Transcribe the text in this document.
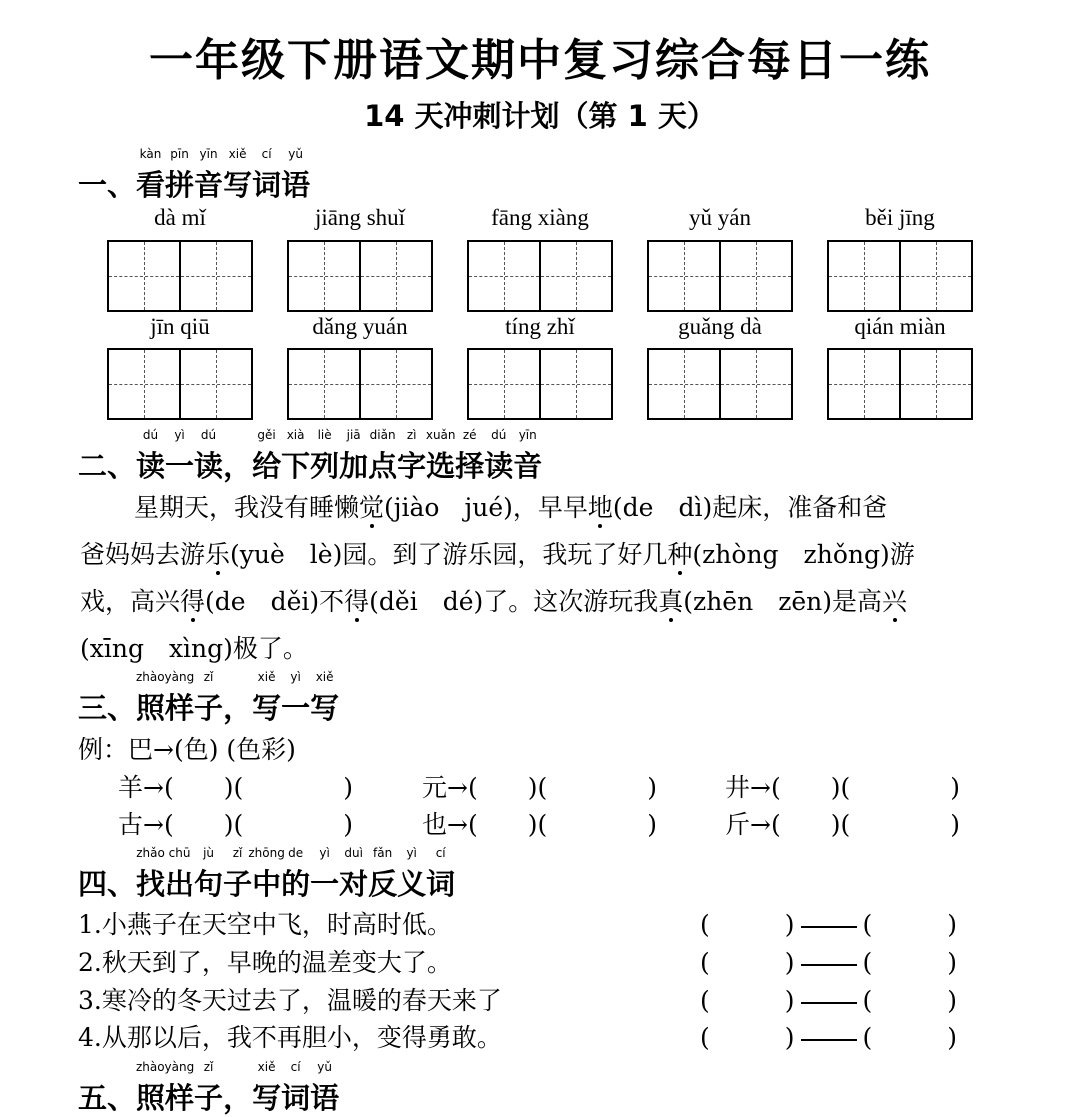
一年级下册语文期中复习综合每日一练
14 天冲刺计划（第 1 天）
一、看
kàn
拼
pīn
音
yīn
写
xiě
词
cí
语
yǔ
dà mǐ	jiāng shuǐ	fāng xiàng	yǔ yán	běi jīng
jīn qiū	dǎng yuán	tíng zhǐ	guǎng dà	qián miàn
二、读
dú
一
yì
读
dú
，给
gěi
下
xià
列
liè
加
jiā
点
diǎn
字
zì
选
xuǎn
择
zé
读
dú
音
yīn
星期天，我没有睡懒觉(jiào　jué)，早早地(de　dì)起床，准备和爸
爸妈妈去游乐(yuè　lè)园。到了游乐园，我玩了好几种(zhòng　zhǒng)游
戏，高兴得(de　děi)不得(děi　dé)了。这次游玩我真(zhēn　zēn)是高兴
(xīng　xìng)极了。
三、照
zhàoyàng
样子
zǐ
，写
xiě
一
yì
写
xiě
例：巴→(色) (色彩)
羊→(　　)(　　　　)	元→(　　)(　　　　)	井→(　　)(　　　　)
古→(　　)(　　　　)	也→(　　)(　　　　)	斤→(　　)(　　　　)
四、找
zhǎo
出
chū
句
jù
子
zǐ
中
zhōng
的
de
一
yì
对
duì
反
fǎn
义
yì
词
cí
1.小燕子在天空中飞，时高时低。	(　　　)	(　　　)
2.秋天到了，早晚的温差变大了。	(　　　)	(　　　)
3.寒冷的冬天过去了，温暖的春天来了	(　　　)	(　　　)
4.从那以后，我不再胆小，变得勇敢。	(　　　)	(　　　)
五、照
zhàoyàng
样子
zǐ
，写
xiě
词
cí
语
yǔ
